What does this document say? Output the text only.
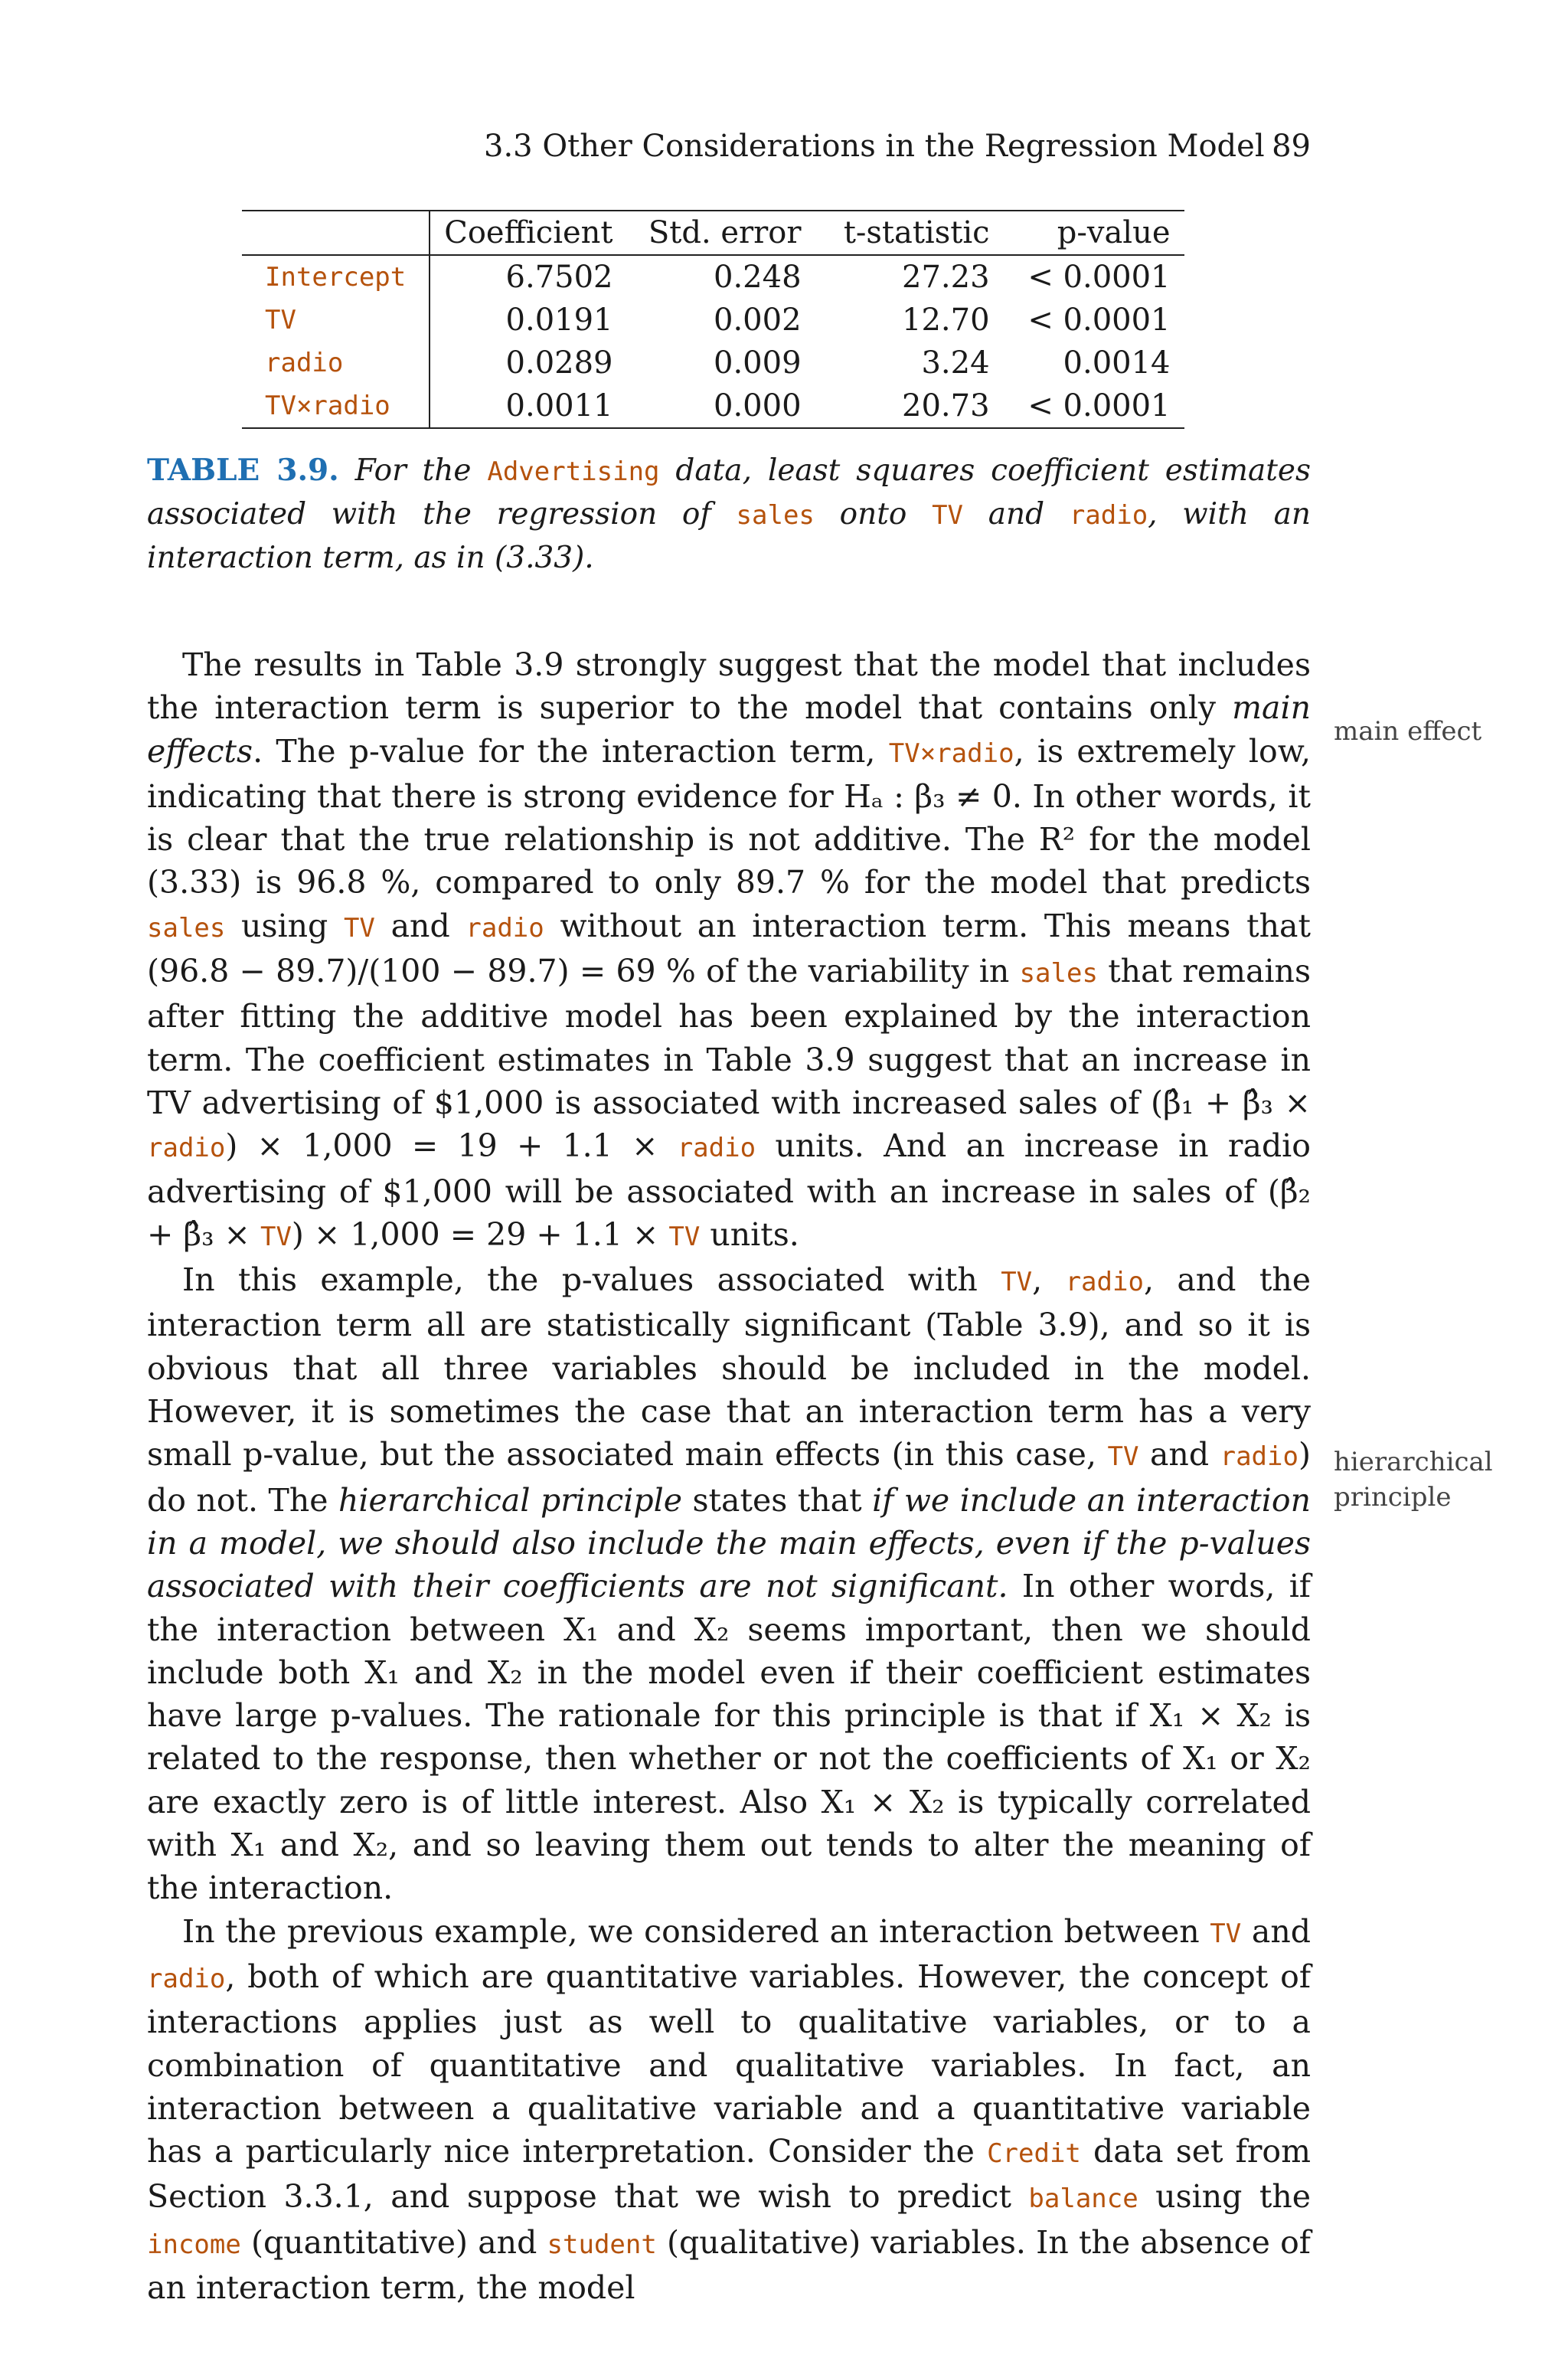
3.3 Other Considerations in the Regression Model 89
	Coefficient	Std. error	t-statistic	p-value
Intercept	6.7502	0.248	27.23	< 0.0001
TV	0.0191	0.002	12.70	< 0.0001
radio	0.0289	0.009	3.24	0.0014
TV×radio	0.0011	0.000	20.73	< 0.0001
TABLE 3.9. For the Advertising data, least squares coefficient estimates associated with the regression of sales onto TV and radio, with an interaction term, as in (3.33).
main effect
hierarchical
principle

The results in Table 3.9 strongly suggest that the model that includes the interaction term is superior to the model that contains only main effects. The p-value for the interaction term, TV×radio, is extremely low, indicating that there is strong evidence for Hₐ : β₃ ≠ 0. In other words, it is clear that the true relationship is not additive. The R² for the model (3.33) is 96.8 %, compared to only 89.7 % for the model that predicts sales using TV and radio without an interaction term. This means that (96.8 − 89.7)/(100 − 89.7) = 69 % of the variability in sales that remains after fitting the additive model has been explained by the interaction term. The coefficient estimates in Table 3.9 suggest that an increase in TV advertising of $1,000 is associated with increased sales of (β̂₁ + β̂₃ × radio) × 1,000 = 19 + 1.1 × radio units. And an increase in radio advertising of $1,000 will be associated with an increase in sales of (β̂₂ + β̂₃ × TV) × 1,000 = 29 + 1.1 × TV units.

In this example, the p-values associated with TV, radio, and the interaction term all are statistically significant (Table 3.9), and so it is obvious that all three variables should be included in the model. However, it is sometimes the case that an interaction term has a very small p-value, but the associated main effects (in this case, TV and radio) do not. The hierarchical principle states that if we include an interaction in a model, we should also include the main effects, even if the p-values associated with their coefficients are not significant. In other words, if the interaction between X₁ and X₂ seems important, then we should include both X₁ and X₂ in the model even if their coefficient estimates have large p-values. The rationale for this principle is that if X₁ × X₂ is related to the response, then whether or not the coefficients of X₁ or X₂ are exactly zero is of little interest. Also X₁ × X₂ is typically correlated with X₁ and X₂, and so leaving them out tends to alter the meaning of the interaction.

In the previous example, we considered an interaction between TV and radio, both of which are quantitative variables. However, the concept of interactions applies just as well to qualitative variables, or to a combination of quantitative and qualitative variables. In fact, an interaction between a qualitative variable and a quantitative variable has a particularly nice interpretation. Consider the Credit data set from Section 3.3.1, and suppose that we wish to predict balance using the income (quantitative) and student (qualitative) variables. In the absence of an interaction term, the model
